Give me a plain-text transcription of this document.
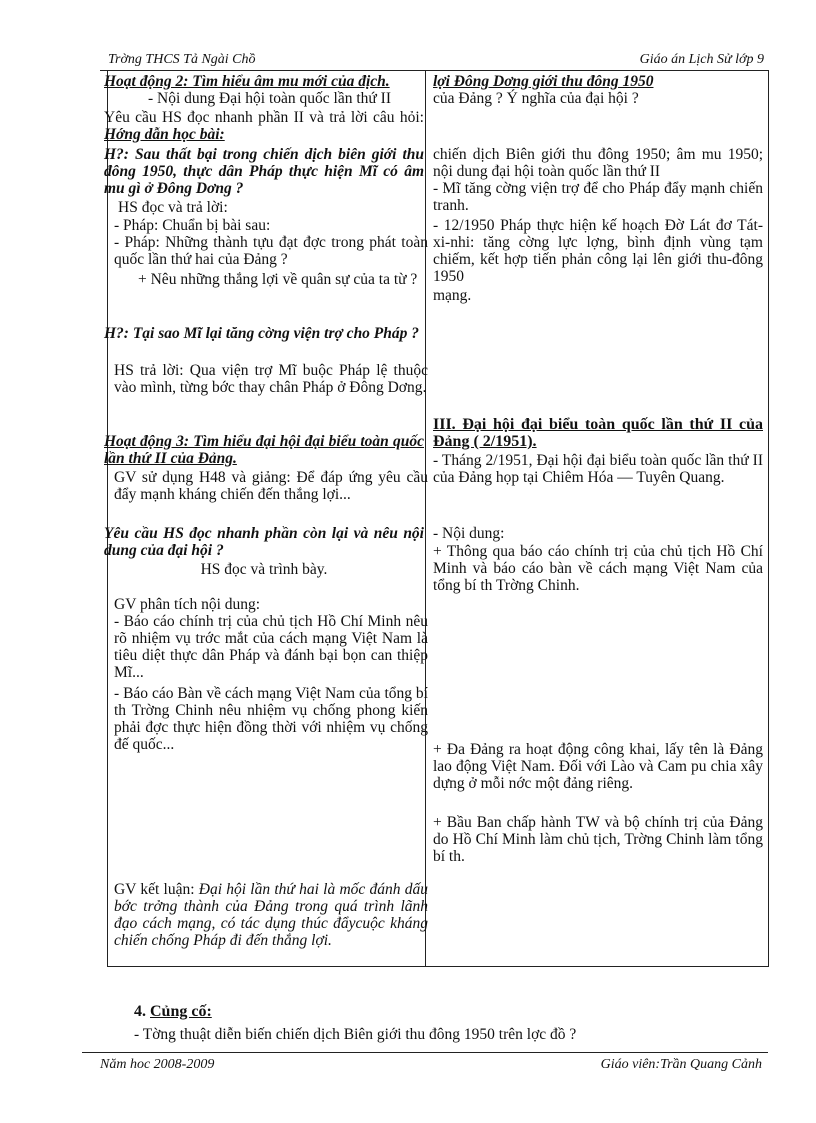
Trờng THCS Tả Ngài Chồ	Giáo án Lịch Sử lớp 9
Hoạt động 2: Tìm hiểu âm mu mới của địch.
- Nội dung Đại hội toàn quốc lần thứ II
Yêu cầu HS đọc nhanh phần II và trả lời câu hỏi: Hớng dẫn học bài:
H?: Sau thất bại trong chiến dịch biên giới thu đông 1950, thực dân Pháp thực hiện Mĩ có âm mu gì ở Đông Dơng ?
HS đọc và trả lời:
- Pháp: Chuẩn bị bài sau:
- Pháp: Những thành tựu đạt đợc trong phát toàn quốc lần thứ hai của Đảng ?
+ Nêu những thắng lợi về quân sự của ta từ ?
H?: Tại sao Mĩ lại tăng cờng viện trợ cho Pháp ?
HS trả lời: Qua viện trợ Mĩ buộc Pháp lệ thuộc vào mình, từng bớc thay chân Pháp ở Đông Dơng.
Hoạt động 3: Tìm hiểu đại hội đại biểu toàn quốc lần thứ II của Đảng.
GV sử dụng H48 và giảng: Để đáp ứng yêu cầu đẩy mạnh kháng chiến đến thắng lợi...
Yêu cầu HS đọc nhanh phần còn lại và nêu nội dung của đại hội ?
HS đọc và trình bày.
GV phân tích nội dung:
- Báo cáo chính trị của chủ tịch Hồ Chí Minh nêu rõ nhiệm vụ trớc mắt của cách mạng Việt Nam là tiêu diệt thực dân Pháp và đánh bại bọn can thiệp Mĩ...
- Báo cáo Bàn về cách mạng Việt Nam của tổng bí th Trờng Chinh nêu nhiệm vụ chống phong kiến phải đợc thực hiện đồng thời với nhiệm vụ chống đế quốc...
GV kết luận: Đại hội lần thứ hai là mốc đánh dấu bớc trởng thành của Đảng trong quá trình lãnh đạo cách mạng, có tác dụng thúc đẩycuộc kháng chiến chống Pháp đi đến thắng lợi.
lợi Đông Dơng giới thu đông 1950
của Đảng ? Ý nghĩa của đại hội ?
chiến dịch Biên giới thu đông 1950; âm mu 1950; nội dung đại hội toàn quốc lần thứ II
- Mĩ tăng cờng viện trợ để cho Pháp đẩy mạnh chiến tranh.
- 12/1950 Pháp thực hiện kế hoạch Đờ Lát đơ Tát-xi-nhi: tăng cờng lực lợng, bình định vùng tạm chiếm, kết hợp tiến phản công lại lên giới thu-đông 1950
mạng.
III. Đại hội đại biểu toàn quốc lần thứ II của Đảng ( 2/1951).
- Tháng 2/1951, Đại hội đại biểu toàn quốc lần thứ II của Đảng họp tại Chiêm Hóa — Tuyên Quang.
- Nội dung:
+ Thông qua báo cáo chính trị của chủ tịch Hồ Chí Minh và báo cáo bàn về cách mạng Việt Nam của tổng bí th Trờng Chinh.
+ Đa Đảng ra hoạt động công khai, lấy tên là Đảng lao động Việt Nam. Đối với Lào và Cam pu chia xây dựng ở mỗi nớc một đảng riêng.
+ Bầu Ban chấp hành TW và bộ chính trị của Đảng do Hồ Chí Minh làm chủ tịch, Trờng Chinh làm tổng bí th.
4. Củng cố:
- Tờng thuật diễn biến chiến dịch Biên giới thu đông 1950 trên lợc đồ ?
Năm hoc 2008-2009	Giáo viên:Trần Quang Cảnh
